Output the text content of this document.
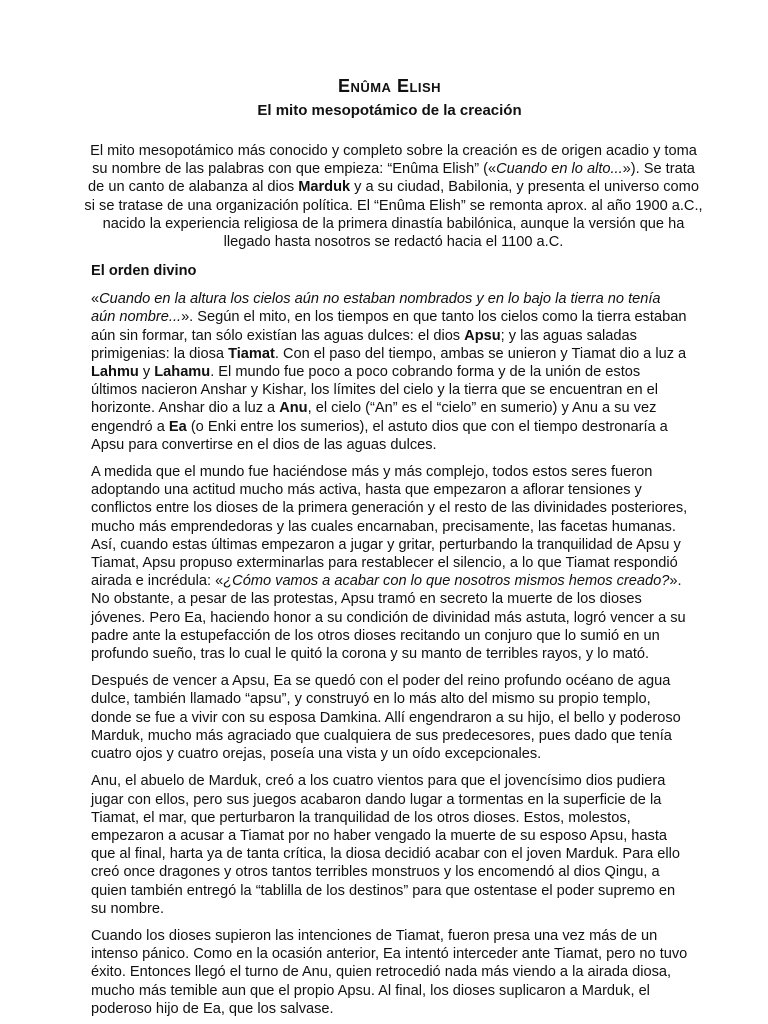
Enûma Elish
El mito mesopotámico de la creación

El mito mesopotámico más conocido y completo sobre la creación es de origen acadio y toma su nombre de las palabras con que empieza: “Enûma Elish” («Cuando en lo alto...»). Se trata de un canto de alabanza al dios Marduk y a su ciudad, Babilonia, y presenta el universo como si se tratase de una organización política. El “Enûma Elish” se remonta aprox. al año 1900 a.C., nacido la experiencia religiosa de la primera dinastía babilónica, aunque la versión que ha llegado hasta nosotros se redactó hacia el 1100 a.C.

El orden divino

«Cuando en la altura los cielos aún no estaban nombrados y en lo bajo la tierra no tenía aún nombre...». Según el mito, en los tiempos en que tanto los cielos como la tierra estaban aún sin formar, tan sólo existían las aguas dulces: el dios Apsu; y las aguas saladas primigenias: la diosa Tiamat. Con el paso del tiempo, ambas se unieron y Tiamat dio a luz a Lahmu y Lahamu. El mundo fue poco a poco cobrando forma y de la unión de estos últimos nacieron Anshar y Kishar, los límites del cielo y la tierra que se encuentran en el horizonte. Anshar dio a luz a Anu, el cielo (“An” es el “cielo” en sumerio) y Anu a su vez engendró a Ea (o Enki entre los sumerios), el astuto dios que con el tiempo destronaría a Apsu para convertirse en el dios de las aguas dulces.

A medida que el mundo fue haciéndose más y más complejo, todos estos seres fueron adoptando una actitud mucho más activa, hasta que empezaron a aflorar tensiones y conflictos entre los dioses de la primera generación y el resto de las divinidades posteriores, mucho más emprendedoras y las cuales encarnaban, precisamente, las facetas humanas. Así, cuando estas últimas empezaron a jugar y gritar, perturbando la tranquilidad de Apsu y Tiamat, Apsu propuso exterminarlas para restablecer el silencio, a lo que Tiamat respondió airada e incrédula: «¿Cómo vamos a acabar con lo que nosotros mismos hemos creado?». No obstante, a pesar de las protestas, Apsu tramó en secreto la muerte de los dioses jóvenes. Pero Ea, haciendo honor a su condición de divinidad más astuta, logró vencer a su padre ante la estupefacción de los otros dioses recitando un conjuro que lo sumió en un profundo sueño, tras lo cual le quitó la corona y su manto de terribles rayos, y lo mató.

Después de vencer a Apsu, Ea se quedó con el poder del reino profundo océano de agua dulce, también llamado “apsu”, y construyó en lo más alto del mismo su propio templo, donde se fue a vivir con su esposa Damkina. Allí engendraron a su hijo, el bello y poderoso Marduk, mucho más agraciado que cualquiera de sus predecesores, pues dado que tenía cuatro ojos y cuatro orejas, poseía una vista y un oído excepcionales.

Anu, el abuelo de Marduk, creó a los cuatro vientos para que el jovencísimo dios pudiera jugar con ellos, pero sus juegos acabaron dando lugar a tormentas en la superficie de la Tiamat, el mar, que perturbaron la tranquilidad de los otros dioses. Estos, molestos, empezaron a acusar a Tiamat por no haber vengado la muerte de su esposo Apsu, hasta que al final, harta ya de tanta crítica, la diosa decidió acabar con el joven Marduk. Para ello creó once dragones y otros tantos terribles monstruos y los encomendó al dios Qingu, a quien también entregó la “tablilla de los destinos” para que ostentase el poder supremo en su nombre.

Cuando los dioses supieron las intenciones de Tiamat, fueron presa una vez más de un intenso pánico. Como en la ocasión anterior, Ea intentó interceder ante Tiamat, pero no tuvo éxito. Entonces llegó el turno de Anu, quien retrocedió nada más viendo a la airada diosa, mucho más temible aun que el propio Apsu. Al final, los dioses suplicaron a Marduk, el poderoso hijo de Ea, que los salvase.
